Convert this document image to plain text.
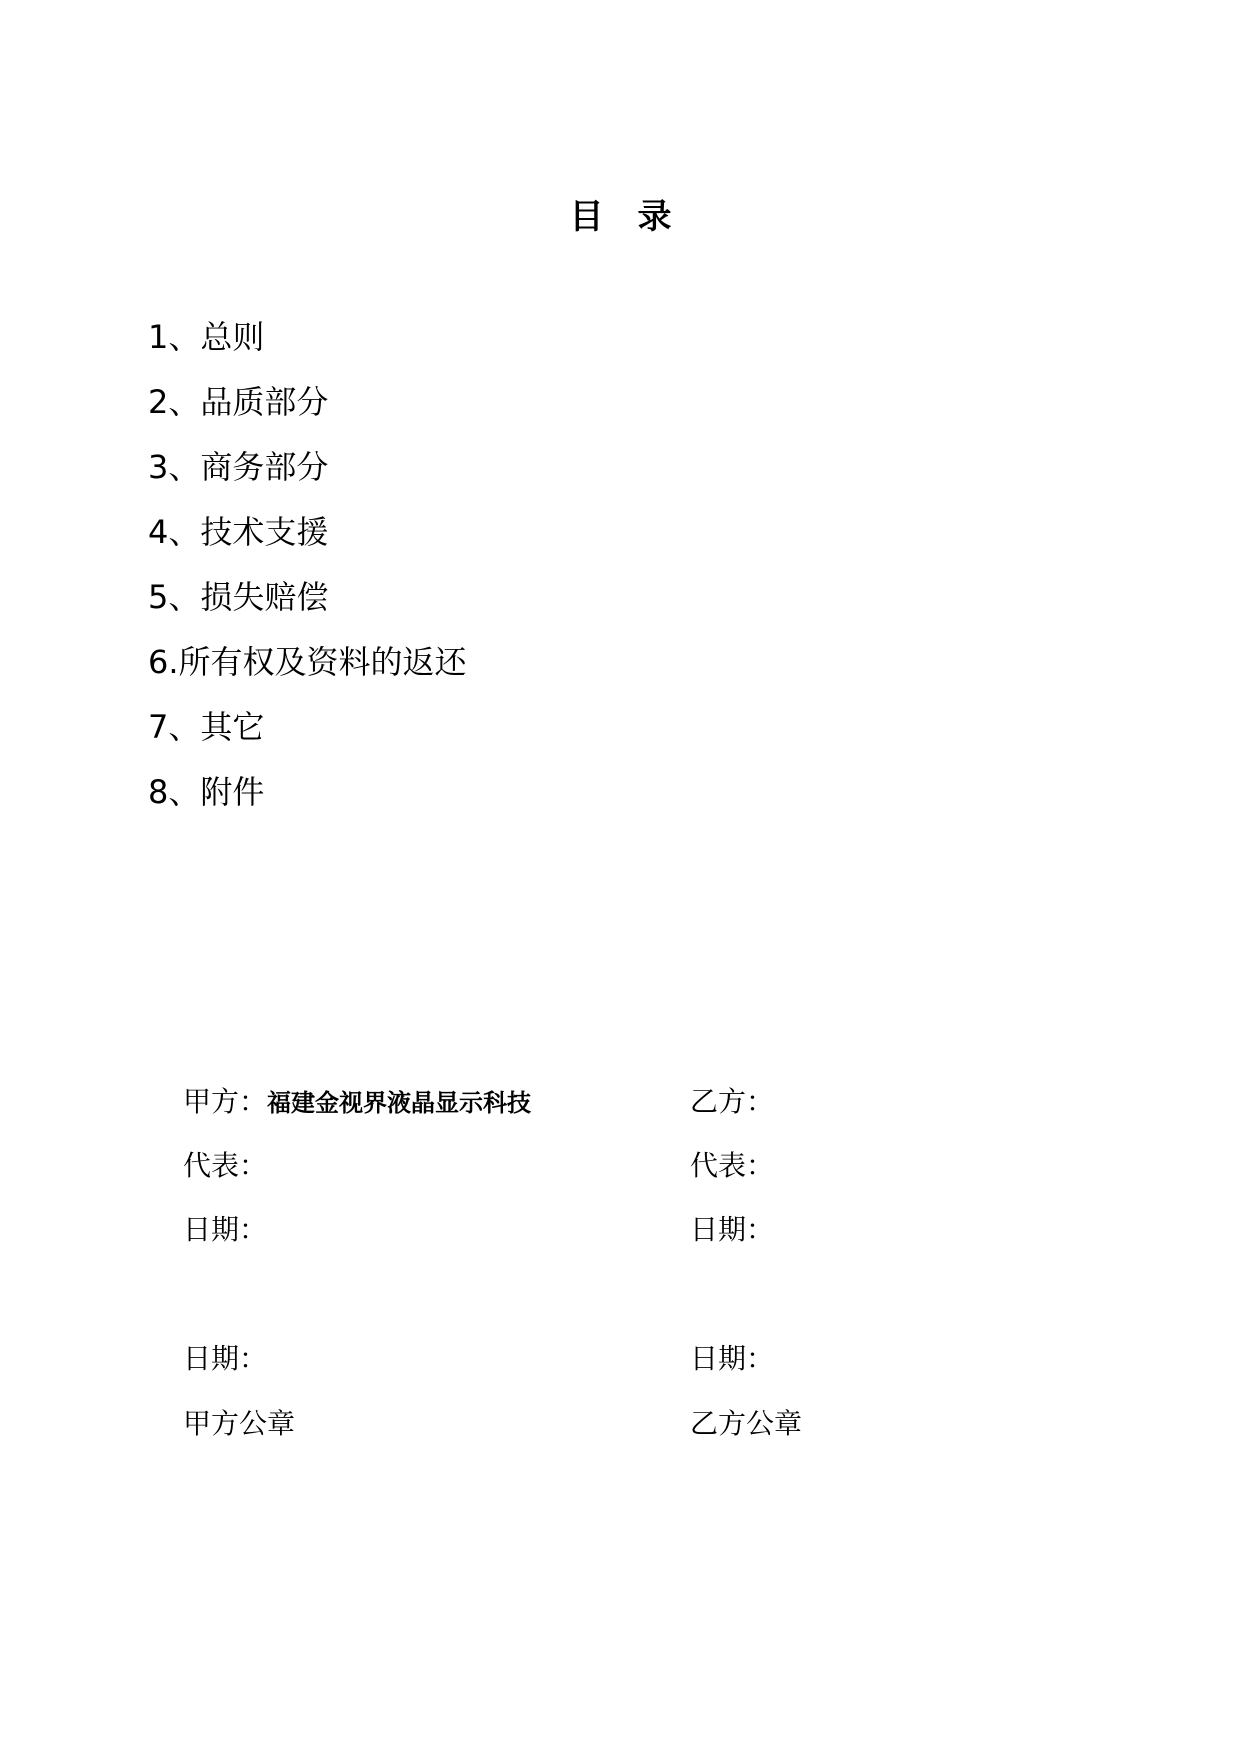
目　录
1、总则
2、品质部分
3、商务部分
4、技术支援
5、损失赔偿
6.所有权及资料的返还
7、其它
8、附件
甲方：福建金视界液晶显示科技
代表：
日期：
日期：
甲方公章
乙方：
代表：
日期：
日期：
乙方公章
